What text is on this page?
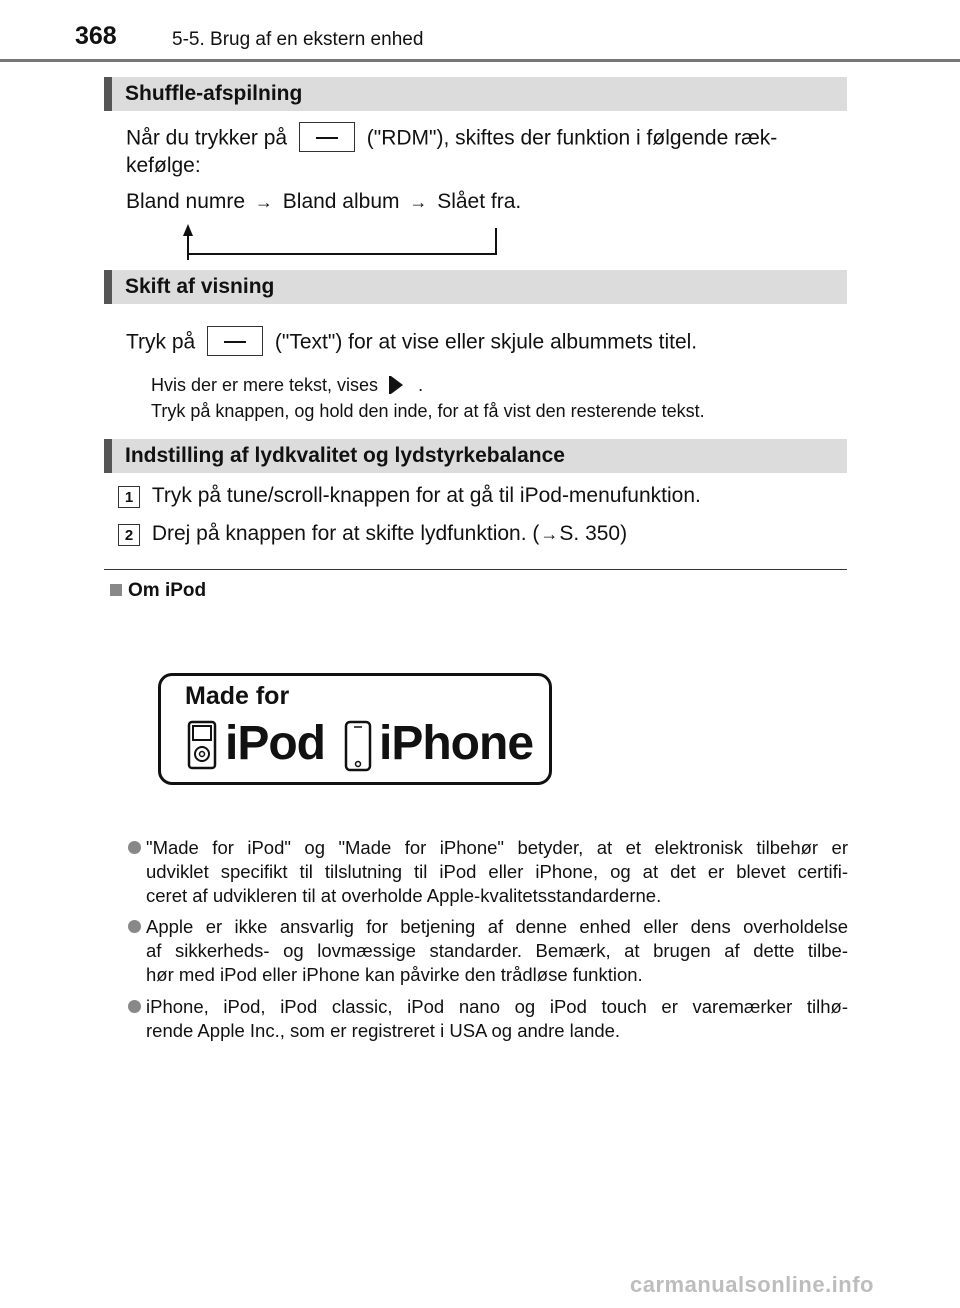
368	5-5. Brug af en ekstern enhed
Shuffle-afspilning
Når du trykker på	("RDM"), skiftes der funktion i følgende ræk-
kefølge:
Bland numre → Bland album → Slået fra.
Skift af visning
Tryk på	("Text") for at vise eller skjule albummets titel.
Hvis der er mere tekst, vises .
Tryk på knappen, og hold den inde, for at få vist den resterende tekst.
Indstilling af lydkvalitet og lydstyrkebalance
1 Tryk på tune/scroll-knappen for at gå til iPod-menufunktion.
2 Drej på knappen for at skifte lydfunktion. (→S. 350)
Om iPod
Made for
iPod iPhone
"Made for iPod" og "Made for iPhone" betyder, at et elektronisk tilbehør er
udviklet specifikt til tilslutning til iPod eller iPhone, og at det er blevet certifi-
ceret af udvikleren til at overholde Apple-kvalitetsstandarderne.
Apple er ikke ansvarlig for betjening af denne enhed eller dens overholdelse
af sikkerheds- og lovmæssige standarder. Bemærk, at brugen af dette tilbe-
hør med iPod eller iPhone kan påvirke den trådløse funktion.
iPhone, iPod, iPod classic, iPod nano og iPod touch er varemærker tilhø-
rende Apple Inc., som er registreret i USA og andre lande.
carmanualsonline.info
